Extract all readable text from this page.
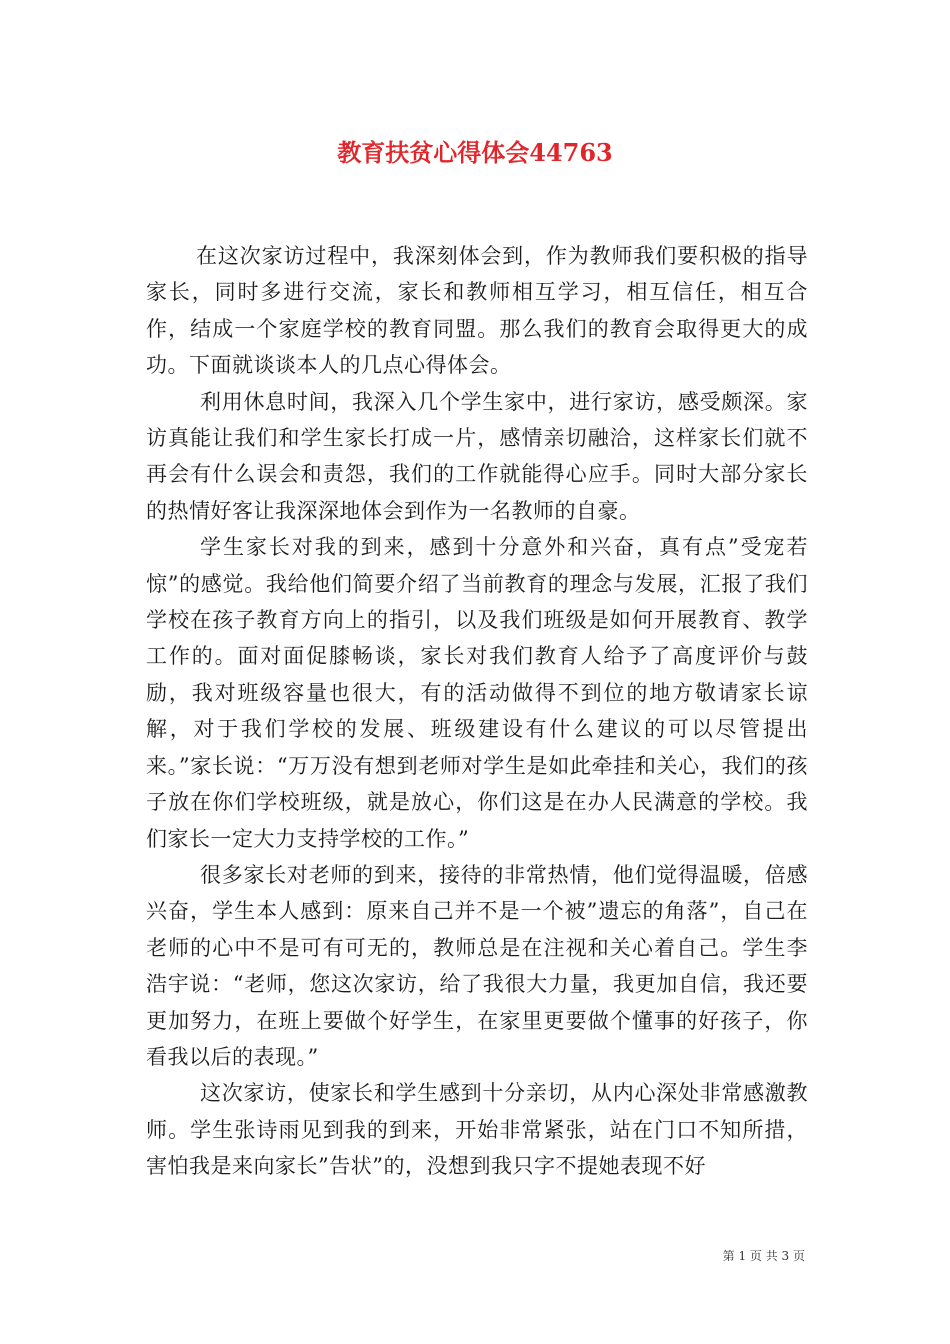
教育扶贫心得体会44763

在这次家访过程中，我深刻体会到，作为教师我们要积极的指导家长，同时多进行交流，家长和教师相互学习，相互信任，相互合作，结成一个家庭学校的教育同盟。那么我们的教育会取得更大的成功。下面就谈谈本人的几点心得体会。

利用休息时间，我深入几个学生家中，进行家访，感受颇深。家访真能让我们和学生家长打成一片，感情亲切融洽，这样家长们就不再会有什么误会和责怨，我们的工作就能得心应手。同时大部分家长的热情好客让我深深地体会到作为一名教师的自豪。

学生家长对我的到来，感到十分意外和兴奋，真有点”受宠若惊”的感觉。我给他们简要介绍了当前教育的理念与发展，汇报了我们学校在孩子教育方向上的指引，以及我们班级是如何开展教育、教学工作的。面对面促膝畅谈，家长对我们教育人给予了高度评价与鼓励，我对班级容量也很大，有的活动做得不到位的地方敬请家长谅解，对于我们学校的发展、班级建设有什么建议的可以尽管提出来。”家长说：“万万没有想到老师对学生是如此牵挂和关心，我们的孩子放在你们学校班级，就是放心，你们这是在办人民满意的学校。我们家长一定大力支持学校的工作。”

很多家长对老师的到来，接待的非常热情，他们觉得温暖，倍感兴奋，学生本人感到：原来自己并不是一个被”遗忘的角落”，自己在老师的心中不是可有可无的，教师总是在注视和关心着自己。学生李浩宇说：“老师，您这次家访，给了我很大力量，我更加自信，我还要更加努力，在班上要做个好学生，在家里更要做个懂事的好孩子，你看我以后的表现。”

这次家访，使家长和学生感到十分亲切，从内心深处非常感激教师。学生张诗雨见到我的到来，开始非常紧张，站在门口不知所措，害怕我是来向家长”告状”的，没想到我只字不提她表现不好

第 1 页 共 3 页
